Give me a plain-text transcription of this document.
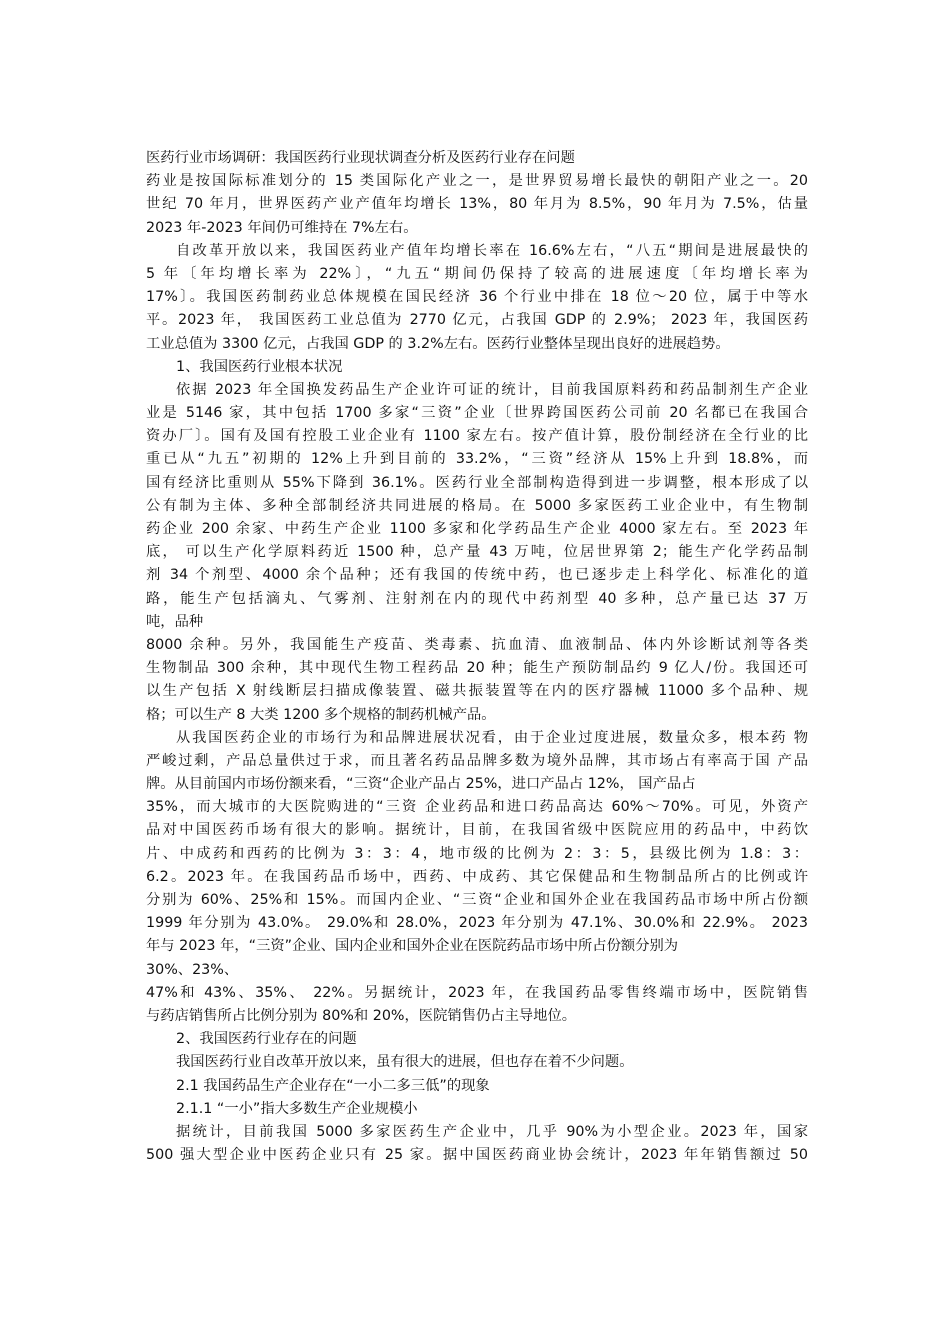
医药行业市场调研：我国医药行业现状调查分析及医药行业存在问题
药业是按国际标准划分的 15 类国际化产业之一，是世界贸易增长最快的朝阳产业之一。20
世纪 70 年月，世界医药产业产值年均增长 13%，80 年月为 8.5%，90 年月为 7.5%，估量
2023 年-2023 年间仍可维持在 7%左右。
自改革开放以来，我国医药业产值年均增长率在 16.6%左右，“八五“期间是进展最快的
5 年〔年均增长率为 22%〕，“九五“期间仍保持了较高的进展速度〔年均增长率为
17%〕。我国医药制药业总体规模在国民经济 36 个行业中排在 18 位～20 位，属于中等水
平。2023 年， 我国医药工业总值为 2770 亿元，占我国 GDP 的 2.9%； 2023 年，我国医药
工业总值为 3300 亿元，占我国 GDP 的 3.2%左右。医药行业整体呈现出良好的进展趋势。
1、我国医药行业根本状况
依据 2023 年全国换发药品生产企业许可证的统计，目前我国原料药和药品制剂生产企业
业是 5146 家，其中包括 1700 多家“三资”企业〔世界跨国医药公司前 20 名都已在我国合
资办厂〕。国有及国有控股工业企业有 1100 家左右。按产值计算，股份制经济在全行业的比
重已从“九五”初期的 12%上升到目前的 33.2%，“三资”经济从 15%上升到 18.8%，而
国有经济比重则从 55%下降到 36.1%。医药行业全部制构造得到进一步调整，根本形成了以
公有制为主体、多种全部制经济共同进展的格局。在 5000 多家医药工业企业中，有生物制
药企业 200 余家、中药生产企业 1100 多家和化学药品生产企业 4000 家左右。至 2023 年
底， 可以生产化学原料药近 1500 种，总产量 43 万吨，位居世界第 2；能生产化学药品制
剂 34 个剂型、4000 余个品种；还有我国的传统中药，也已逐步走上科学化、标准化的道
路，能生产包括滴丸、气雾剂、注射剂在内的现代中药剂型 40 多种，总产量已达 37 万
吨，品种
8000 余种。另外，我国能生产疫苗、类毒素、抗血清、血液制品、体内外诊断试剂等各类
生物制品 300 余种，其中现代生物工程药品 20 种；能生产预防制品约 9 亿人/份。我国还可
以生产包括 X 射线断层扫描成像装置、磁共振装置等在内的医疗器械 11000 多个品种、规
格；可以生产 8 大类 1200 多个规格的制药机械产品。
从我国医药企业的市场行为和品牌进展状况看，由于企业过度进展，数量众多，根本药 物
严峻过剩，产品总量供过于求，而且著名药品品牌多数为境外品牌，其市场占有率高于国 产品
牌。从目前国内市场份额来看，“三资“企业产品占 25%，进口产品占 12%， 国产品占
35%，而大城市的大医院购进的“三资 企业药品和进口药品高达 60%～70%。可见，外资产
品对中国医药币场有很大的影响。据统计，目前，在我国省级中医院应用的药品中，中药饮
片、中成药和西药的比例为 3：3：4，地市级的比例为 2：3：5，县级比例为 1.8：3：
6.2。2023 年。在我国药品币场中，西药、中成药、其它保健品和生物制品所占的比例或许
分别为 60%、25%和 15%。而国内企业、“三资“企业和国外企业在我国药品市场中所占份额
1999 年分别为 43.0%。 29.0%和 28.0%，2023 年分别为 47.1%、30.0%和 22.9%。 2023
年与 2023 年，“三资”企业、国内企业和国外企业在医院药品市场中所占份额分别为
30%、23%、
47%和 43%、35%、 22%。另据统计，2023 年，在我国药品零售终端市场中，医院销售
与药店销售所占比例分别为 80%和 20%，医院销售仍占主导地位。
2、我国医药行业存在的问题
我国医药行业自改革开放以来，虽有很大的进展，但也存在着不少问题。
2.1 我国药品生产企业存在“一小二多三低”的现象
2.1.1 “一小”指大多数生产企业规模小
据统计，目前我国 5000 多家医药生产企业中，几乎 90%为小型企业。2023 年，国家
500 强大型企业中医药企业只有 25 家。据中国医药商业协会统计，2023 年年销售额过 50
